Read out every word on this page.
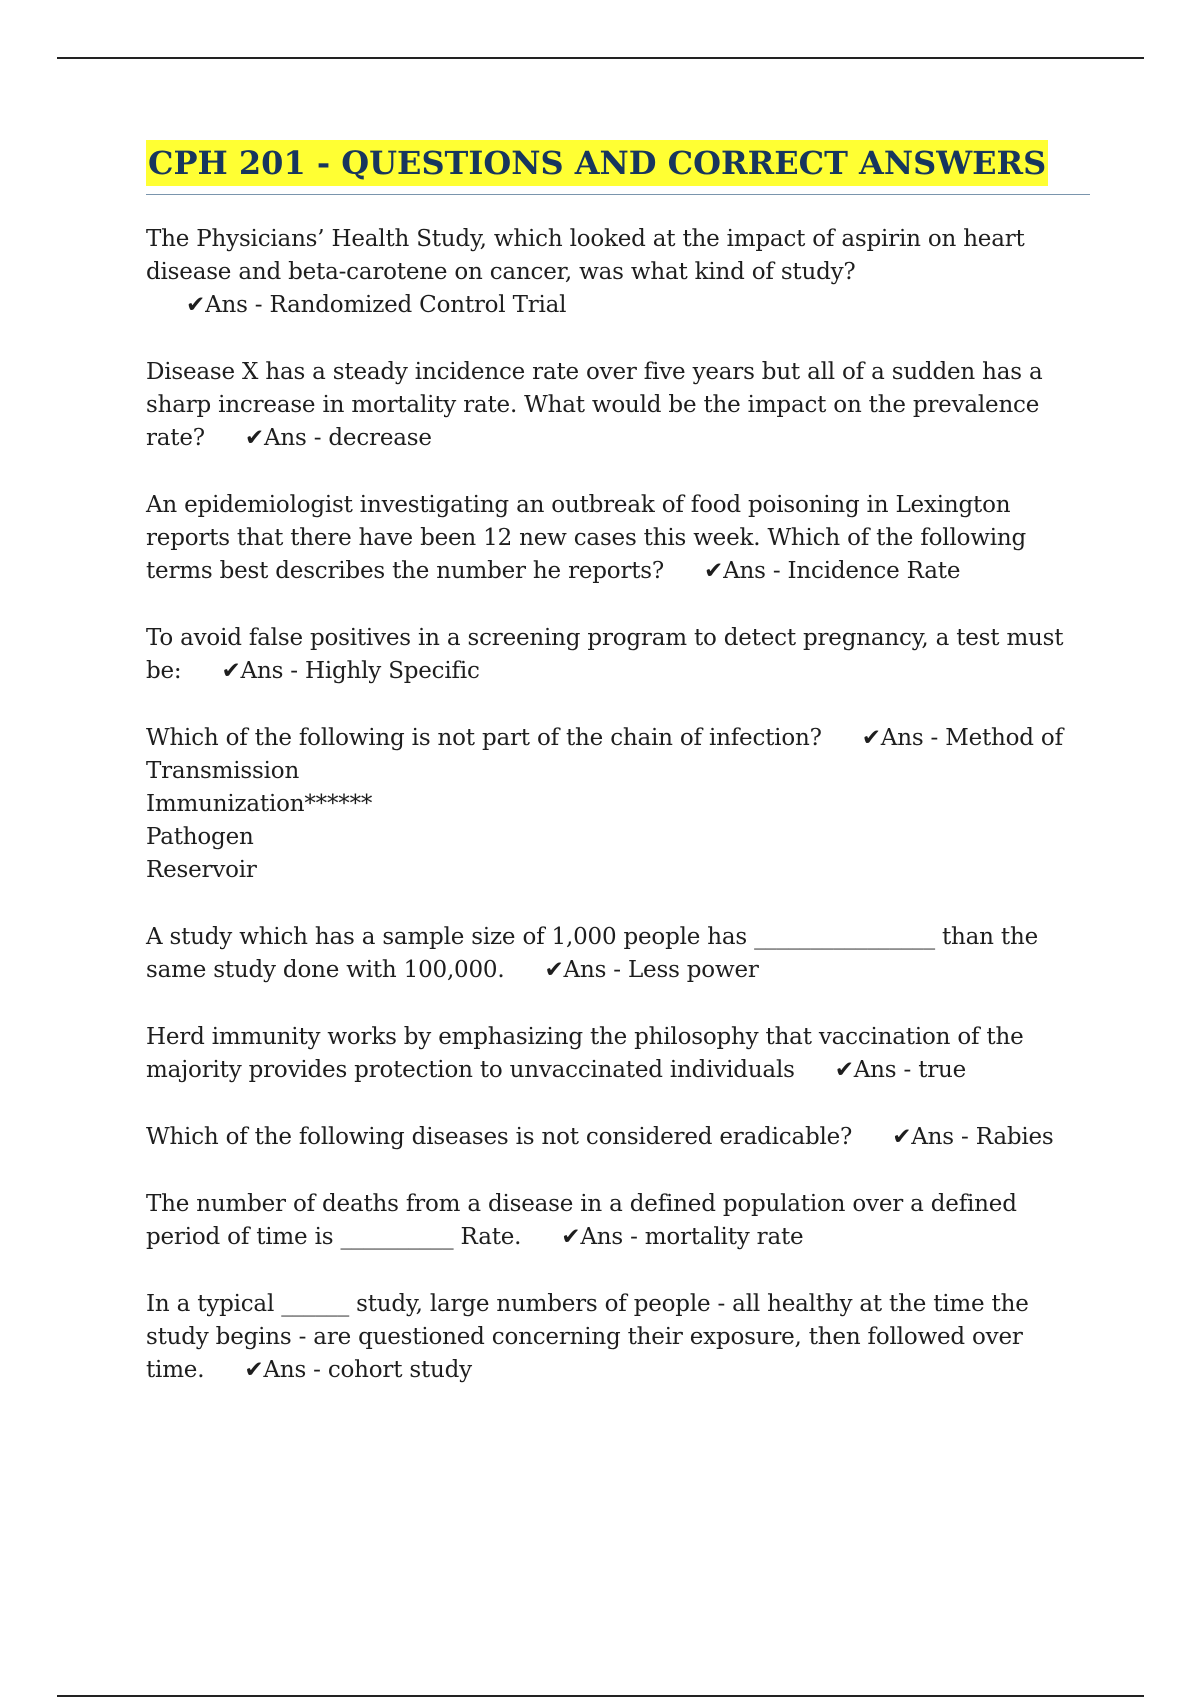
CPH 201 - QUESTIONS AND CORRECT ANSWERS

The Physicians’ Health Study, which looked at the impact of aspirin on heart disease and beta-carotene on cancer, was what kind of study?✔Ans - Randomized Control Trial

Disease X has a steady incidence rate over five years but all of a sudden has a sharp increase in mortality rate. What would be the impact on the prevalence rate? ✔Ans - decrease

An epidemiologist investigating an outbreak of food poisoning in Lexington reports that there have been 12 new cases this week. Which of the following terms best describes the number he reports? ✔Ans - Incidence Rate

To avoid false positives in a screening program to detect pregnancy, a test must be: ✔Ans - Highly Specific

Which of the following is not part of the chain of infection? ✔Ans - Method of Transmission
Immunization******
Pathogen
Reservoir

A study which has a sample size of 1,000 people has ________________ than the same study done with 100,000. ✔Ans - Less power

Herd immunity works by emphasizing the philosophy that vaccination of the majority provides protection to unvaccinated individuals ✔Ans - true

Which of the following diseases is not considered eradicable? ✔Ans - Rabies

The number of deaths from a disease in a defined population over a defined period of time is __________ Rate. ✔Ans - mortality rate

In a typical ______ study, large numbers of people - all healthy at the time the study begins - are questioned concerning their exposure, then followed over time. ✔Ans - cohort study
